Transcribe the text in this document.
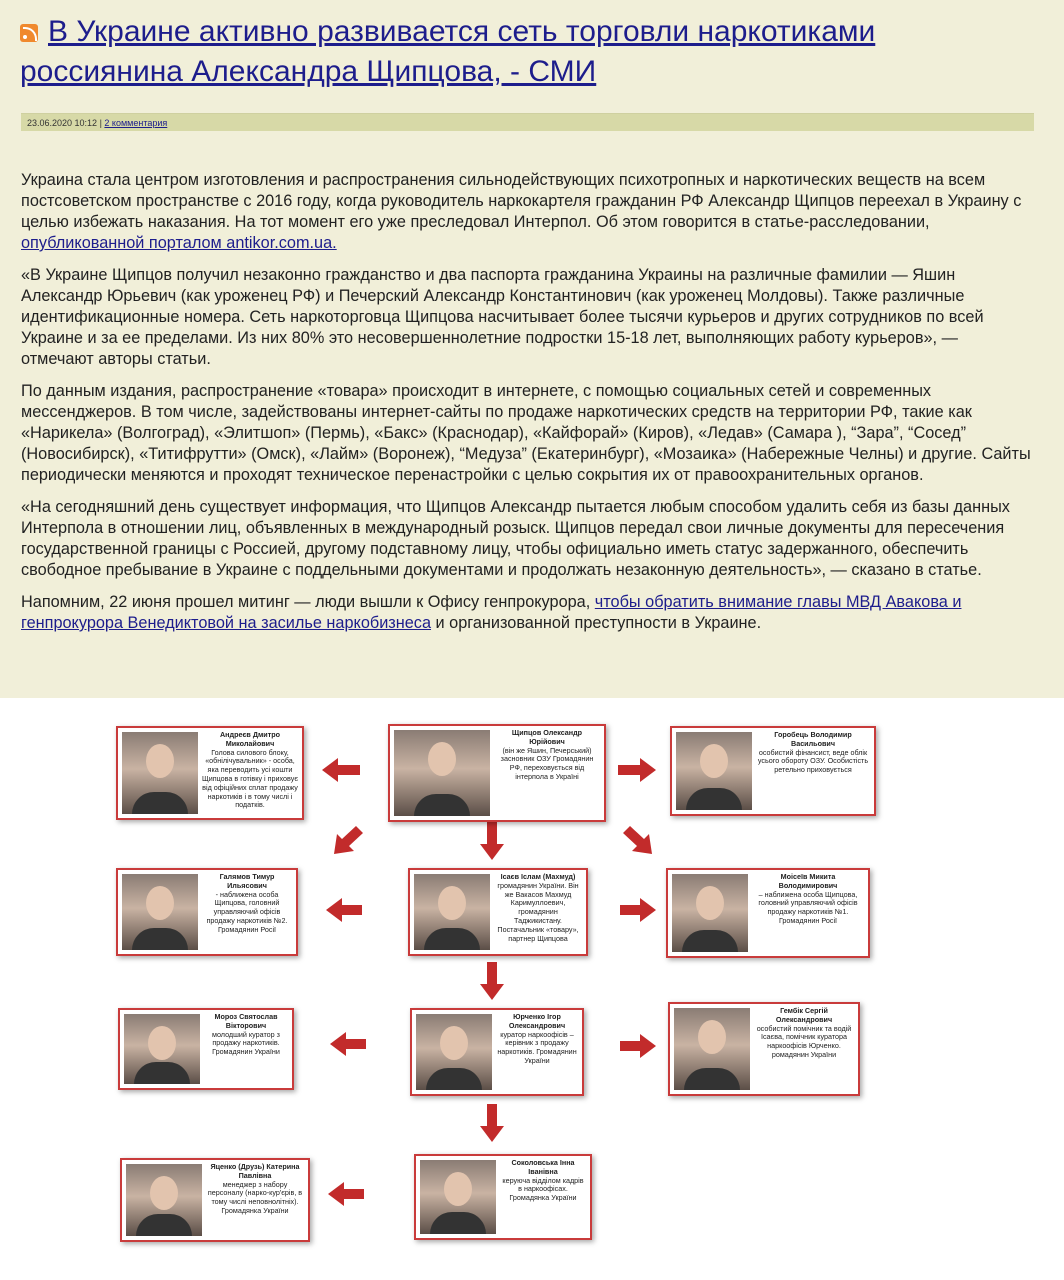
В Украине активно развивается сеть торговли наркотиками россиянина Александра Щипцова, - СМИ
23.06.2020 10:12 | 2 комментария

Украина стала центром изготовления и распространения сильнодействующих психотропных и наркотических веществ на всем постсоветском пространстве с 2016 году, когда руководитель наркокартеля гражданин РФ Александр Щипцов переехал в Украину с целью избежать наказания. На тот момент его уже преследовал Интерпол. Об этом говорится в статье-расследовании, опубликованной порталом antikor.com.ua.

«В Украине Щипцов получил незаконно гражданство и два паспорта гражданина Украины на различные фамилии — Яшин Александр Юрьевич (как уроженец РФ) и Печерский Александр Константинович (как уроженец Молдовы). Также различные идентификационные номера. Сеть наркоторговца Щипцова насчитывает более тысячи курьеров и других сотрудников по всей Украине и за ее пределами. Из них 80% это несовершеннолетние подростки 15-18 лет, выполняющих работу курьеров», — отмечают авторы статьи.

По данным издания, распространение «товара» происходит в интернете, с помощью социальных сетей и современных мессенджеров. В том числе, задействованы интернет-сайты по продаже наркотических средств на территории РФ, такие как «Нарикела» (Волгоград), «Элитшоп» (Пермь), «Бакс» (Краснодар), «Кайфорай» (Киров), «Ледав» (Самара ), “Зара”, “Сосед” (Новосибирск), «Титифрутти» (Омск), «Лайм» (Воронеж), “Медуза” (Екатеринбург), «Мозаика» (Набережные Челны) и другие. Сайты периодически меняются и проходят техническое перенастройки с целью сокрытия их от правоохранительных органов.

«На сегодняшний день существует информация, что Щипцов Александр пытается любым способом удалить себя из базы данных Интерпола в отношении лиц, объявленных в международный розыск. Щипцов передал свои личные документы для пересечения государственной границы с Россией, другому подставному лицу, чтобы официально иметь статус задержанного, обеспечить свободное пребывание в Украине с поддельными документами и продолжать незаконную деятельность», — сказано в статье.

Напомним, 22 июня прошел митинг — люди вышли к Офису генпрокурора, чтобы обратить внимание главы МВД Авакова и генпрокурора Венедиктовой на засилье наркобизнеса и организованной преступности в Украине.

Андреєв Дмитро Миколайович
Голова силового блоку, «обнілічувальник» - особа, яка переводить усі кошти Щипцова в готівку і приховує від офіційних сплат продажу наркотиків і в тому числі і податків.
Щипцов Олександр Юрійович
(він же Яшин, Печерський) засновник ОЗУ Громадянин РФ, переховується від інтерпола в Україні
Горобець Володимир Васильович
особистий фінансист, веде облік усього обороту ОЗУ. Особистість ретельно приховується
Галямов Тимур Ильясович
- наближена особа Щипцова, головний управляючий офісів продажу наркотиків №2. Громадянин Росії
Ісаєв Іслам (Махмуд)
громадянин України. Він же Вакасов Махмуд Каримуллоевич, громадянин Таджикистану. Постачальник «товару», партнер Щипцова
Моісеїв Микита Володимирович
– наближена особа Щипцова, головний управляючий офісів продажу наркотиків №1. Громадянин Росії
Мороз Святослав Вікторович
молодший куратор з продажу наркотиків. Громадянин України
Юрченко Ігор Олександрович
куратор наркоофісів – керівник з продажу наркотиків. Громадянин України
Гембік Сергій Олександрович
особистий помічник та водій Ісаєва, помічник куратора наркоофісів Юрченко. ромадянин України
Яценко (Друзь) Катерина Павлівна
менеджер з набору персоналу (нарко-кур'єрів, в тому числі неповнолітніх). Громадянка України
Соколовська Інна Іванівна
керуюча відділом кадрів в наркоофісах. Громадянка України
